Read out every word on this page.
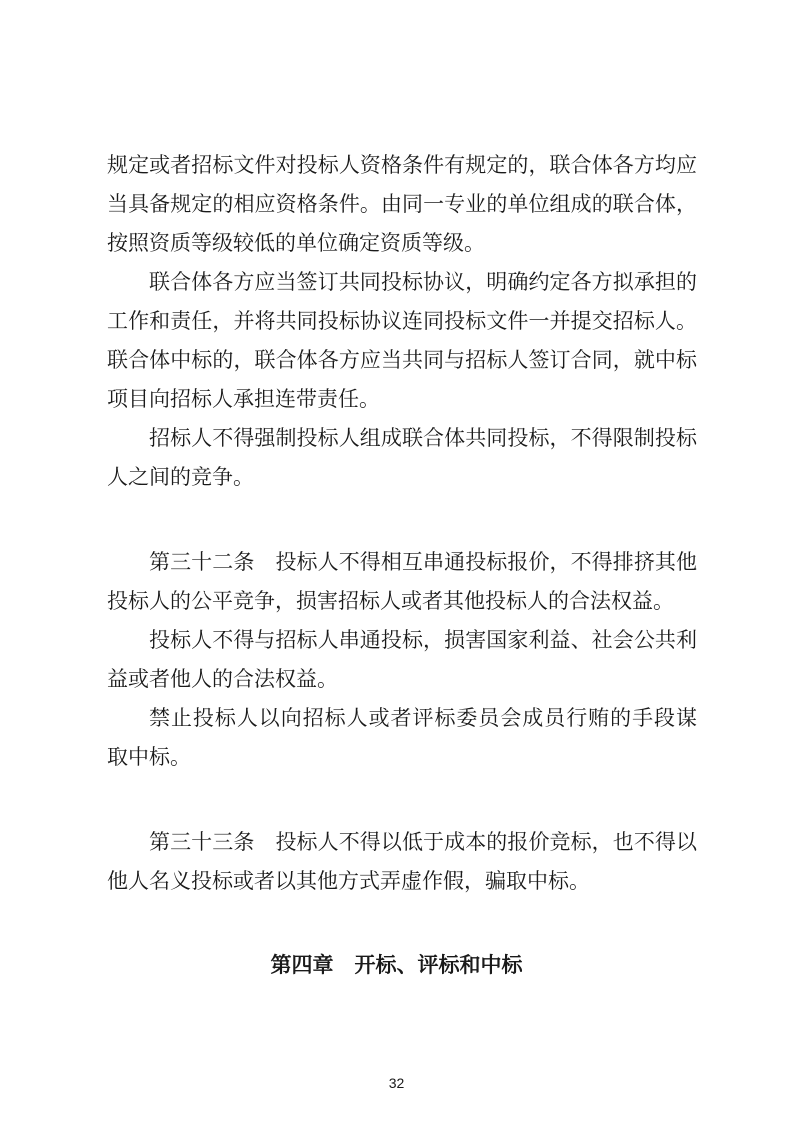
规定或者招标文件对投标人资格条件有规定的，联合体各方均应
当具备规定的相应资格条件。由同一专业的单位组成的联合体，
按照资质等级较低的单位确定资质等级。
联合体各方应当签订共同投标协议，明确约定各方拟承担的
工作和责任，并将共同投标协议连同投标文件一并提交招标人。
联合体中标的，联合体各方应当共同与招标人签订合同，就中标
项目向招标人承担连带责任。
招标人不得强制投标人组成联合体共同投标，不得限制投标
人之间的竞争。
第三十二条　投标人不得相互串通投标报价，不得排挤其他
投标人的公平竞争，损害招标人或者其他投标人的合法权益。
投标人不得与招标人串通投标，损害国家利益、社会公共利
益或者他人的合法权益。
禁止投标人以向招标人或者评标委员会成员行贿的手段谋
取中标。
第三十三条　投标人不得以低于成本的报价竞标，也不得以
他人名义投标或者以其他方式弄虚作假，骗取中标。
第四章　开标、评标和中标
32
